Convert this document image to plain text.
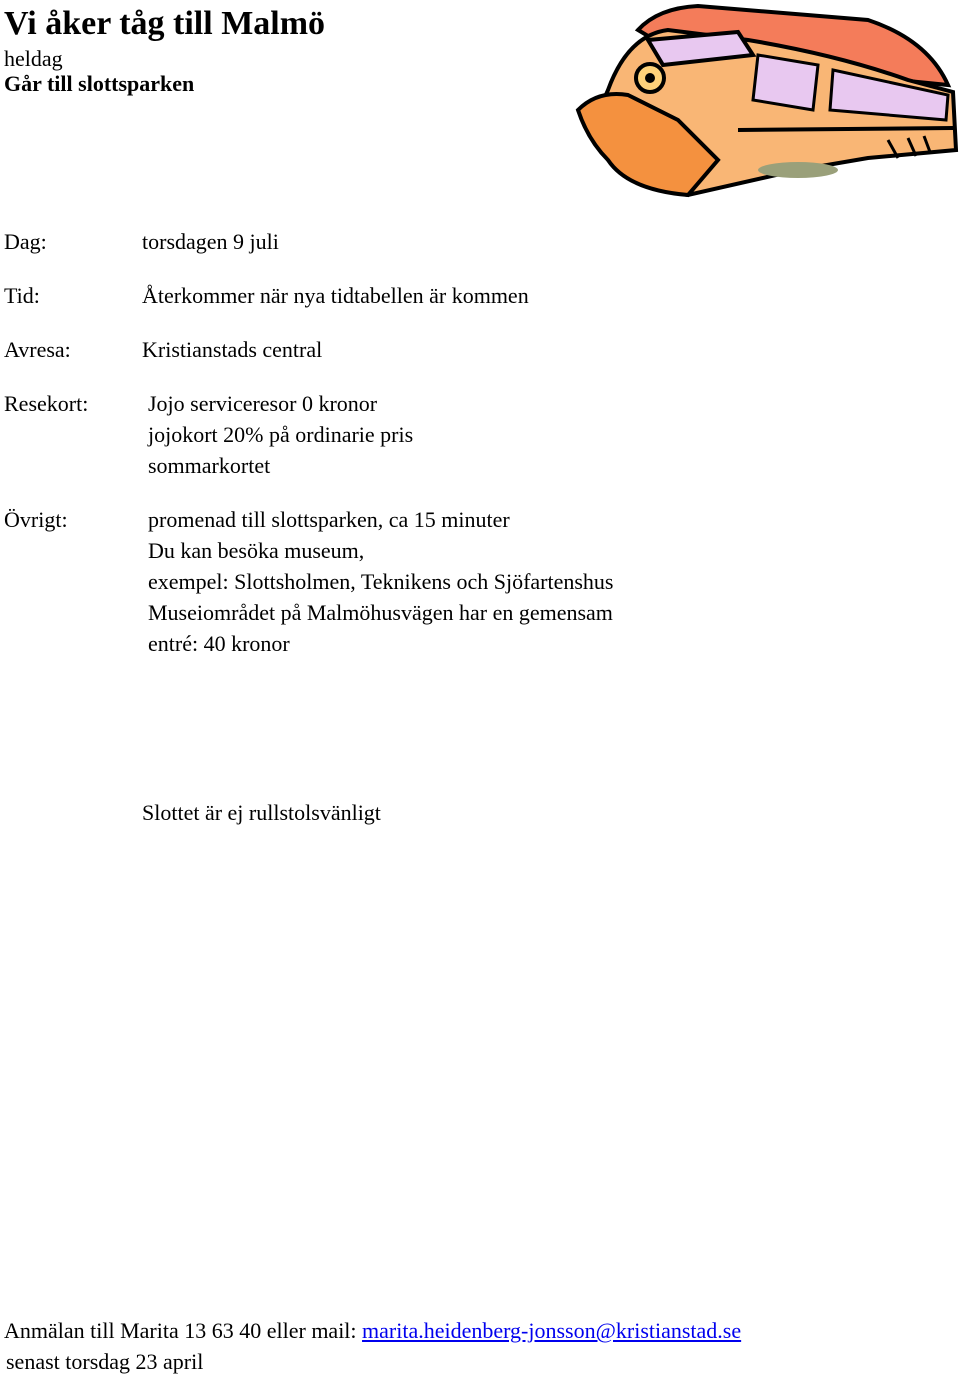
Vi åker tåg till Malmö
heldag
Går till slottsparken
Dag:	torsdagen 9 juli
Tid:	Återkommer när nya tidtabellen är kommen
Avresa:	Kristianstads central
Resekort:	Jojo serviceresor 0 kronor
jojokort 20% på ordinarie pris
sommarkortet
Övrigt:	promenad till slottsparken, ca 15 minuter
Du kan besöka museum,
exempel: Slottsholmen, Teknikens och Sjöfartenshus
Museiområdet på Malmöhusvägen har en gemensam
entré: 40 kronor
Slottet är ej rullstolsvänligt
Anmälan till Marita 13 63 40 eller mail: marita.heidenberg-jonsson@kristianstad.se
senast torsdag 23 april
